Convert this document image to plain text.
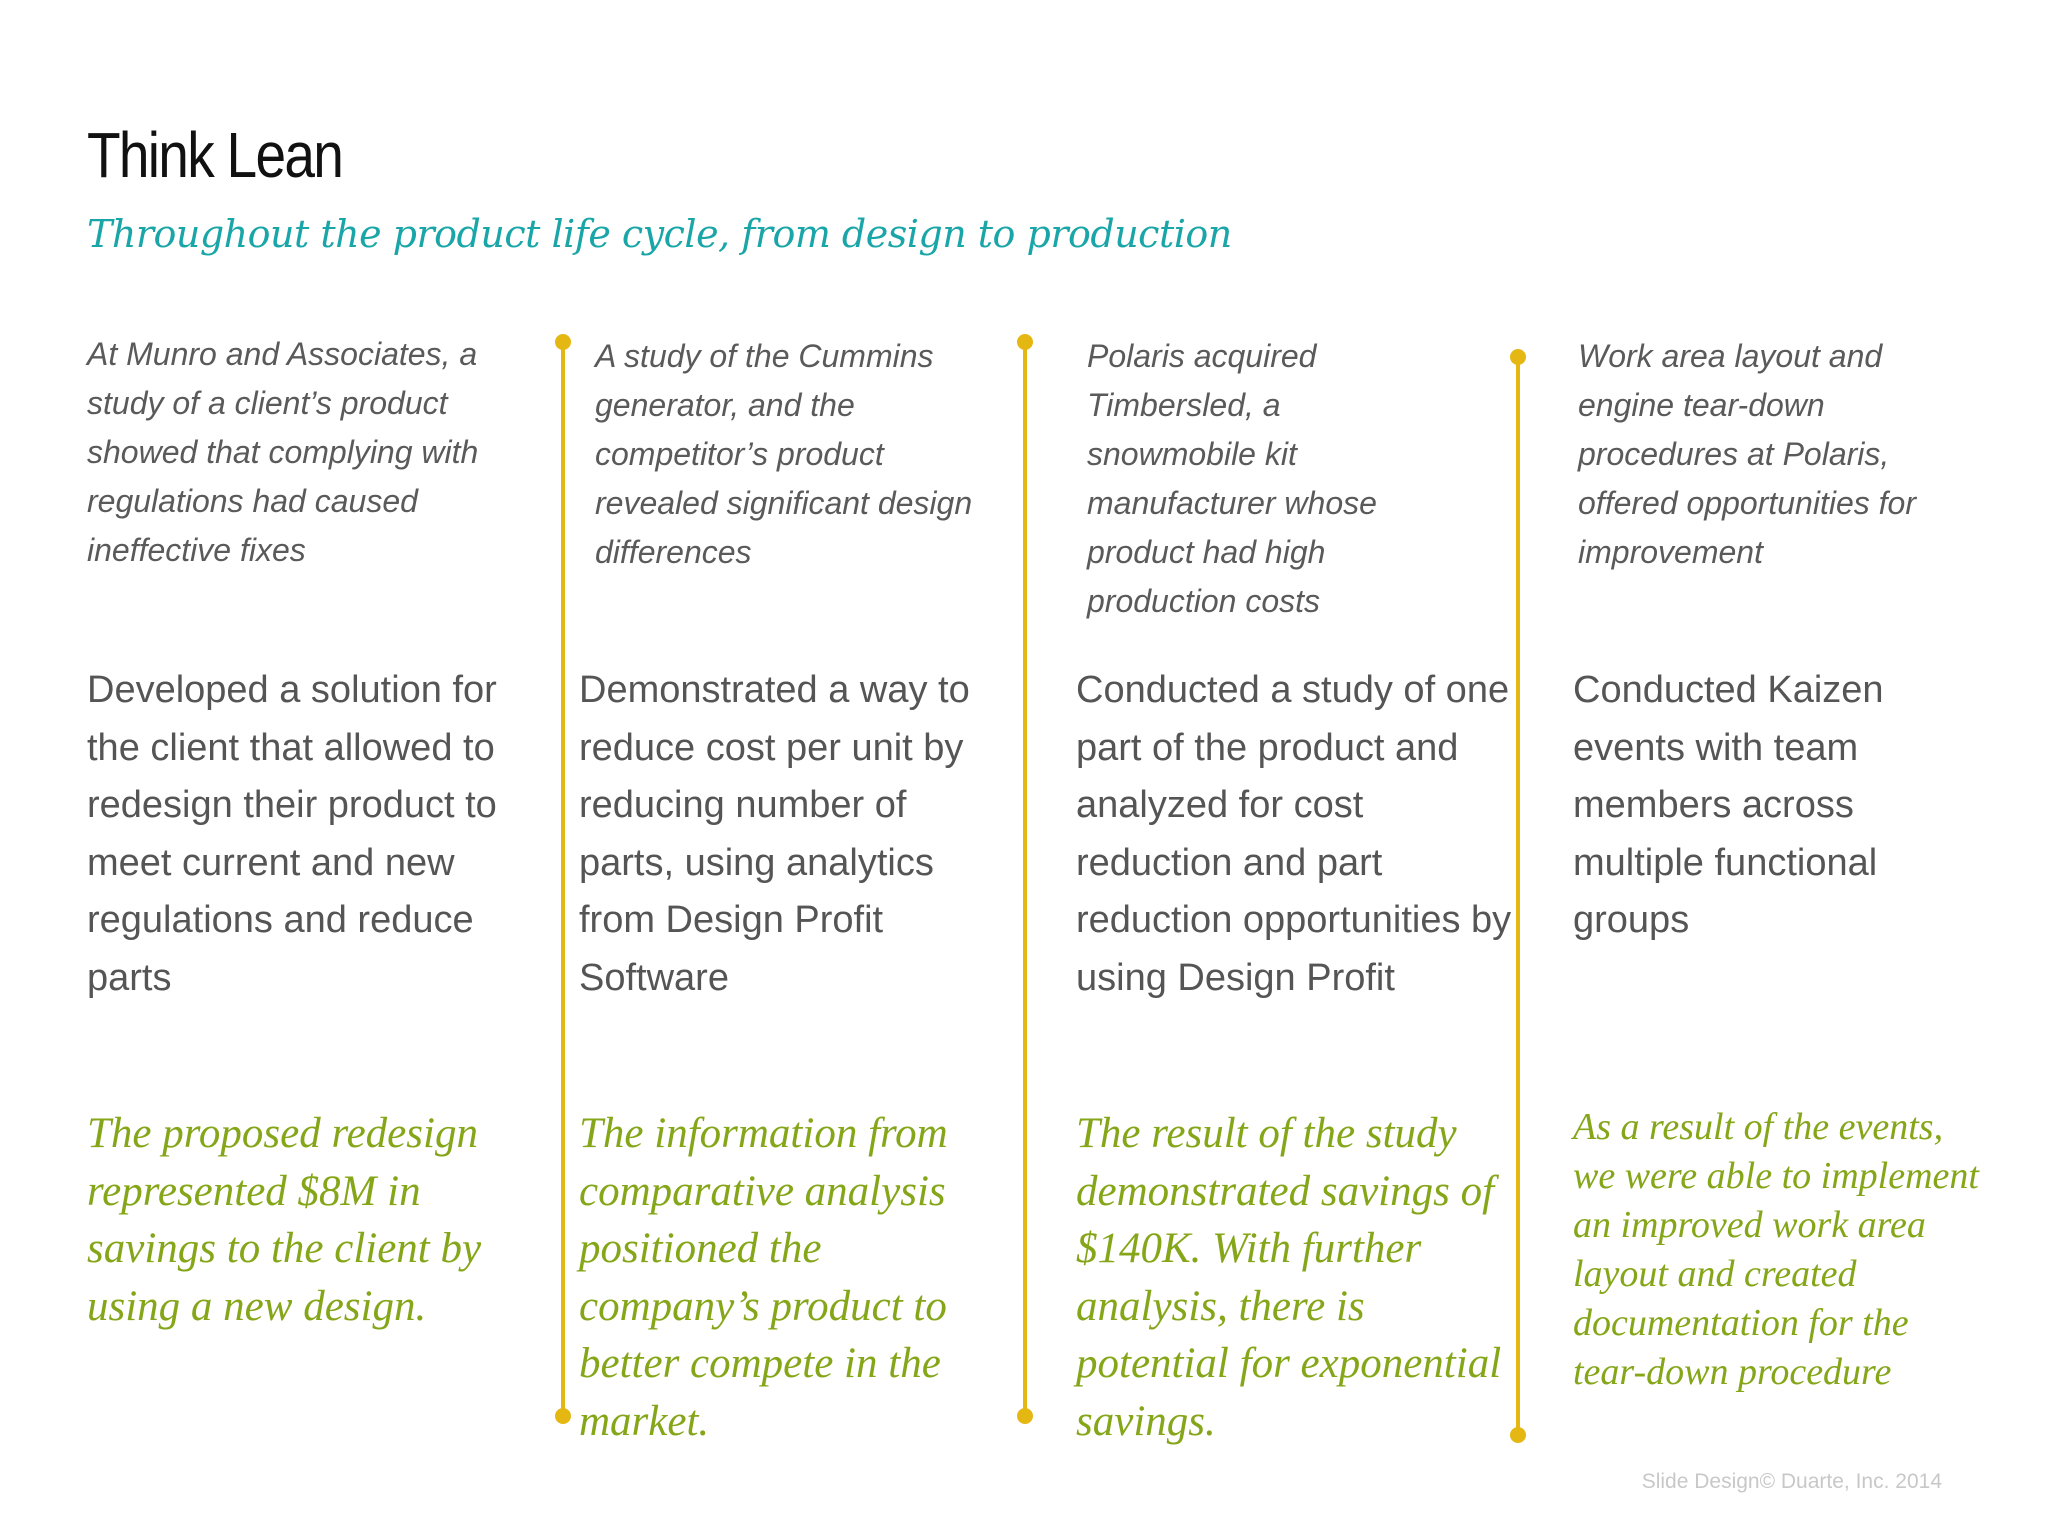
Think Lean
Throughout the product life cycle, from design to production
At Munro and Associates, a study of a client’s product showed that complying with regulations had caused ineffective fixes
Developed a solution for the client that allowed to redesign their product to meet current and new regulations and reduce parts
The proposed redesign represented $8M in savings to the client by using a new design.
A study of the Cummins generator, and the competitor’s product revealed significant design differences
Demonstrated a way to reduce cost per unit by reducing number of parts, using analytics from Design Profit Software
The information from comparative analysis positioned the company’s product to better compete in the market.
Polaris acquired Timbersled, a snowmobile kit manufacturer whose product had high production costs
Conducted a study of one part of the product and analyzed for cost reduction and part reduction opportunities by using Design Profit
The result of the study demonstrated savings of $140K. With further analysis, there is potential for exponential savings.
Work area layout and engine tear-down procedures at Polaris, offered opportunities for improvement
Conducted Kaizen events with team members across multiple functional groups
As a result of the events, we were able to implement an improved work area layout and created documentation for the tear-down procedure
Slide Design© Duarte, Inc. 2014
